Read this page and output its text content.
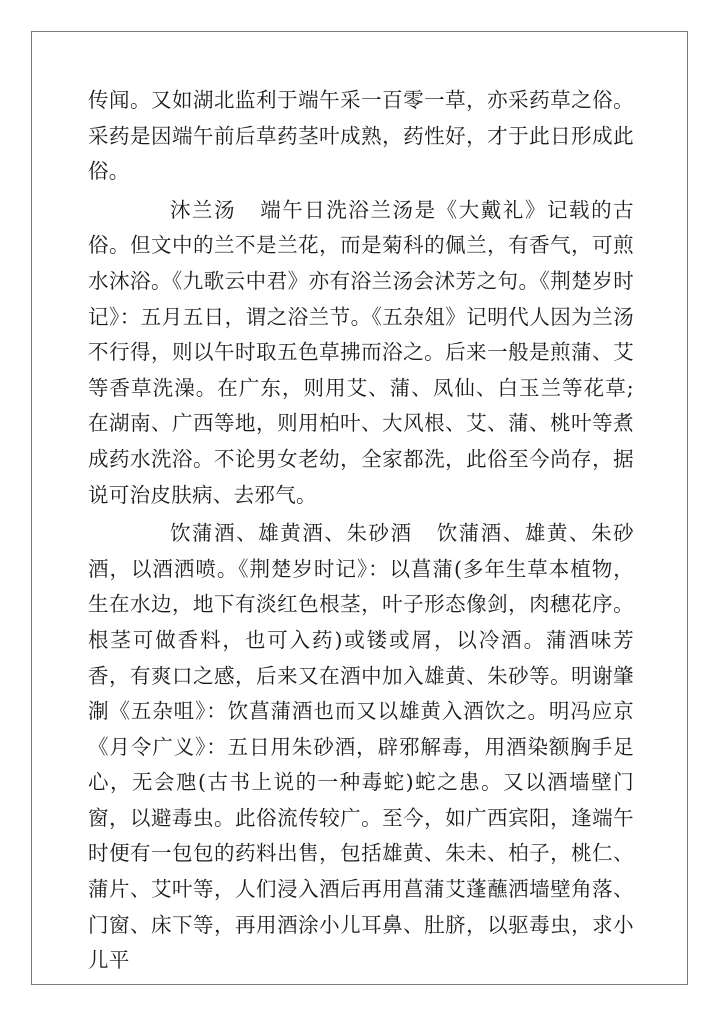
传闻。又如湖北监利于端午采一百零一草，亦采药草之俗。采药是因端午前后草药茎叶成熟，药性好，才于此日形成此俗。

沐兰汤 端午日洗浴兰汤是《大戴礼》记载的古俗。但文中的兰不是兰花，而是菊科的佩兰，有香气，可煎水沐浴。《九歌云中君》亦有浴兰汤会沭芳之句。《荆楚岁时记》：五月五日，谓之浴兰节。《五杂俎》记明代人因为兰汤不行得，则以午时取五色草拂而浴之。后来一般是煎蒲、艾等香草洗澡。在广东，则用艾、蒲、凤仙、白玉兰等花草;在湖南、广西等地，则用柏叶、大风根、艾、蒲、桃叶等煮成药水洗浴。不论男女老幼，全家都洗，此俗至今尚存，据说可治皮肤病、去邪气。

饮蒲酒、雄黄酒、朱砂酒 饮蒲酒、雄黄、朱砂酒，以酒洒喷。《荆楚岁时记》：以菖蒲(多年生草本植物，生在水边，地下有淡红色根茎，叶子形态像剑，肉穗花序。根茎可做香料，也可入药)或镂或屑，以冷酒。蒲酒味芳香，有爽口之感，后来又在酒中加入雄黄、朱砂等。明谢肇淛《五杂咀》：饮菖蒲酒也而又以雄黄入酒饮之。明冯应京《月令广义》：五日用朱砂酒，辟邪解毒，用酒染额胸手足心，无会虺(古书上说的一种毒蛇)蛇之患。又以酒墙壁门窗，以避毒虫。此俗流传较广。至今，如广西宾阳，逢端午时便有一包包的药料出售，包括雄黄、朱未、柏子，桃仁、蒲片、艾叶等，人们浸入酒后再用菖蒲艾蓬蘸洒墙壁角落、门窗、床下等，再用酒涂小儿耳鼻、肚脐，以驱毒虫，求小儿平
